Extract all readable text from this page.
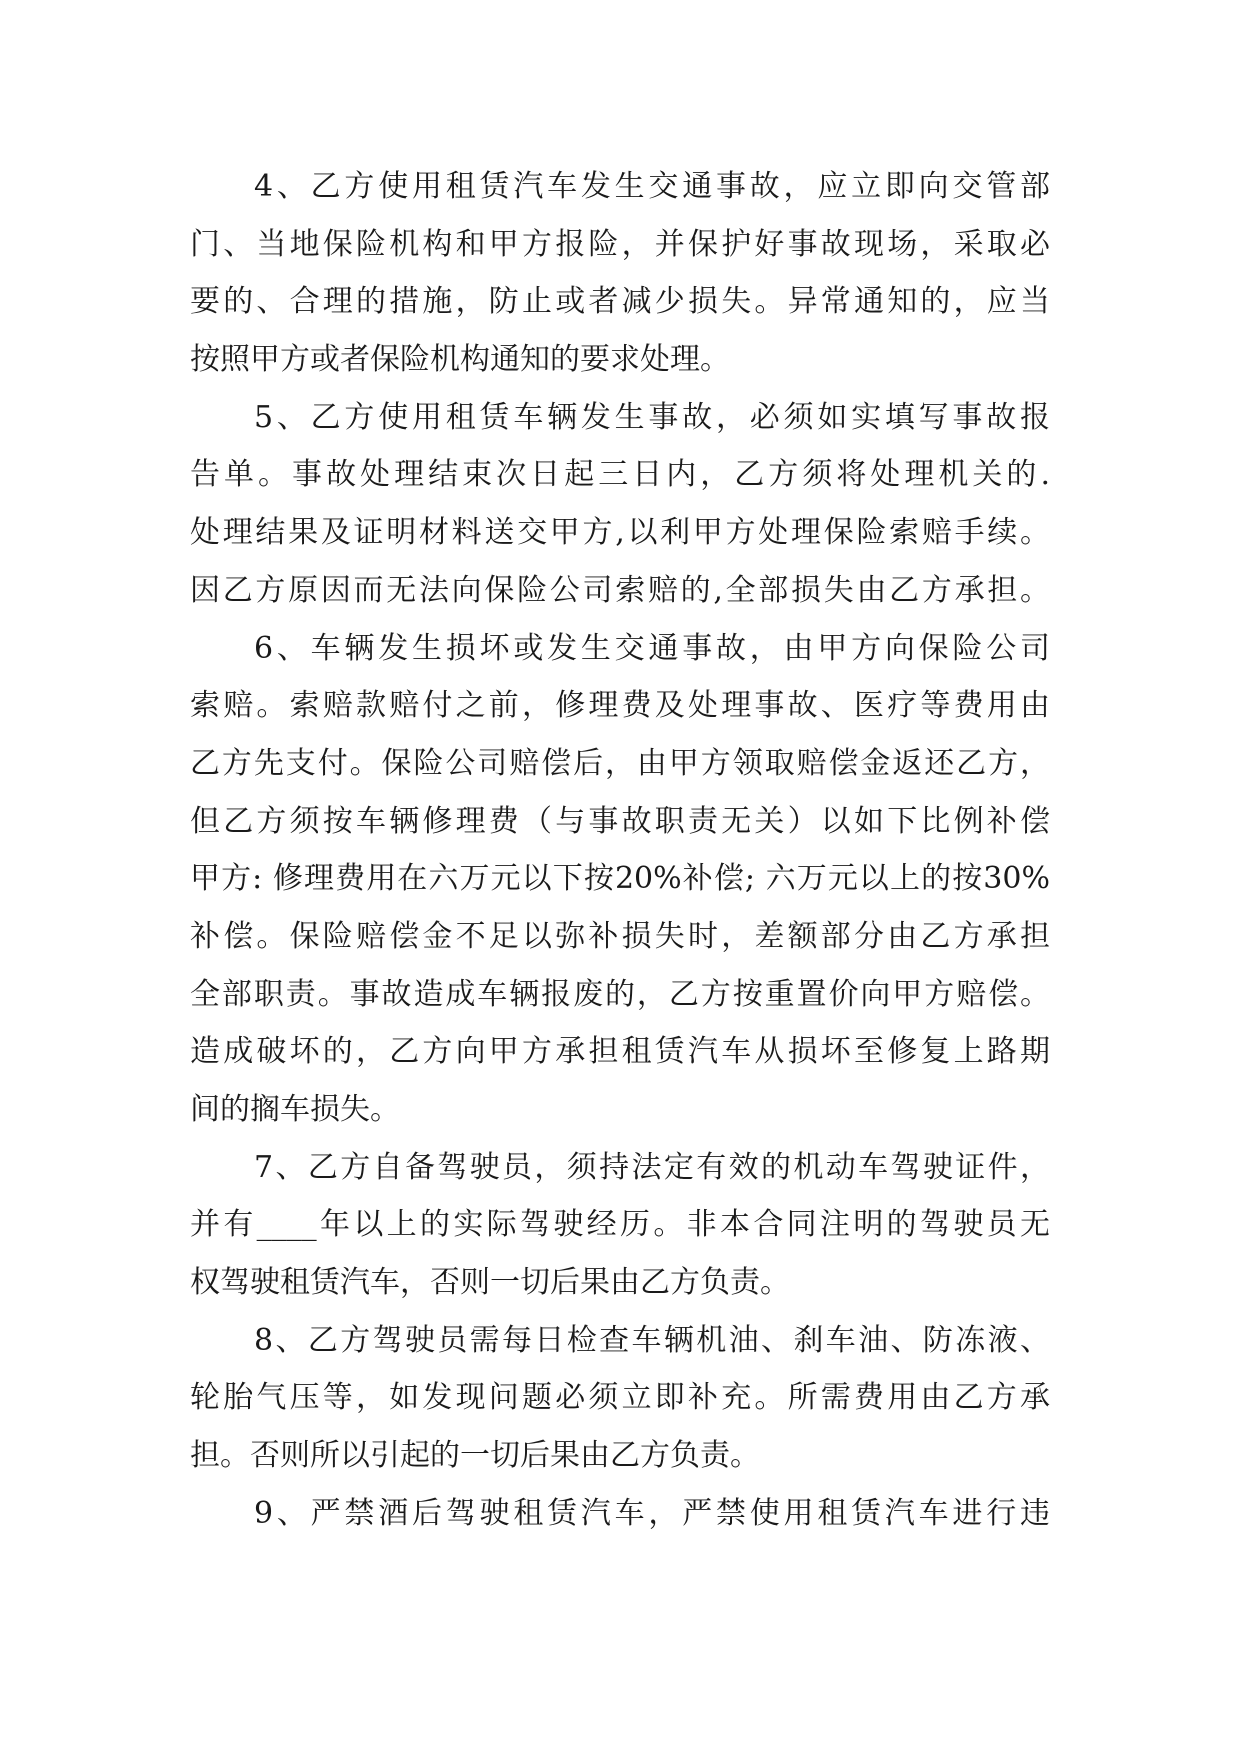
4、乙方使用租赁汽车发生交通事故，应立即向交管部
门、当地保险机构和甲方报险，并保护好事故现场，采取必
要的、合理的措施，防止或者减少损失。异常通知的，应当
按照甲方或者保险机构通知的要求处理。
5、乙方使用租赁车辆发生事故，必须如实填写事故报
告单。事故处理结束次日起三日内，乙方须将处理机关的.
处理结果及证明材料送交甲方,以利甲方处理保险索赔手续。
因乙方原因而无法向保险公司索赔的,全部损失由乙方承担。
6、车辆发生损坏或发生交通事故，由甲方向保险公司
索赔。索赔款赔付之前，修理费及处理事故、医疗等费用由
乙方先支付。保险公司赔偿后，由甲方领取赔偿金返还乙方，
但乙方须按车辆修理费（与事故职责无关）以如下比例补偿
甲方: 修理费用在六万元以下按20%补偿; 六万元以上的按30%
补偿。保险赔偿金不足以弥补损失时，差额部分由乙方承担
全部职责。事故造成车辆报废的，乙方按重置价向甲方赔偿。
造成破坏的，乙方向甲方承担租赁汽车从损坏至修复上路期
间的搁车损失。
7、乙方自备驾驶员，须持法定有效的机动车驾驶证件，
并有____年以上的实际驾驶经历。非本合同注明的驾驶员无
权驾驶租赁汽车，否则一切后果由乙方负责。
8、乙方驾驶员需每日检查车辆机油、刹车油、防冻液、
轮胎气压等，如发现问题必须立即补充。所需费用由乙方承
担。否则所以引起的一切后果由乙方负责。
9、严禁酒后驾驶租赁汽车，严禁使用租赁汽车进行违
